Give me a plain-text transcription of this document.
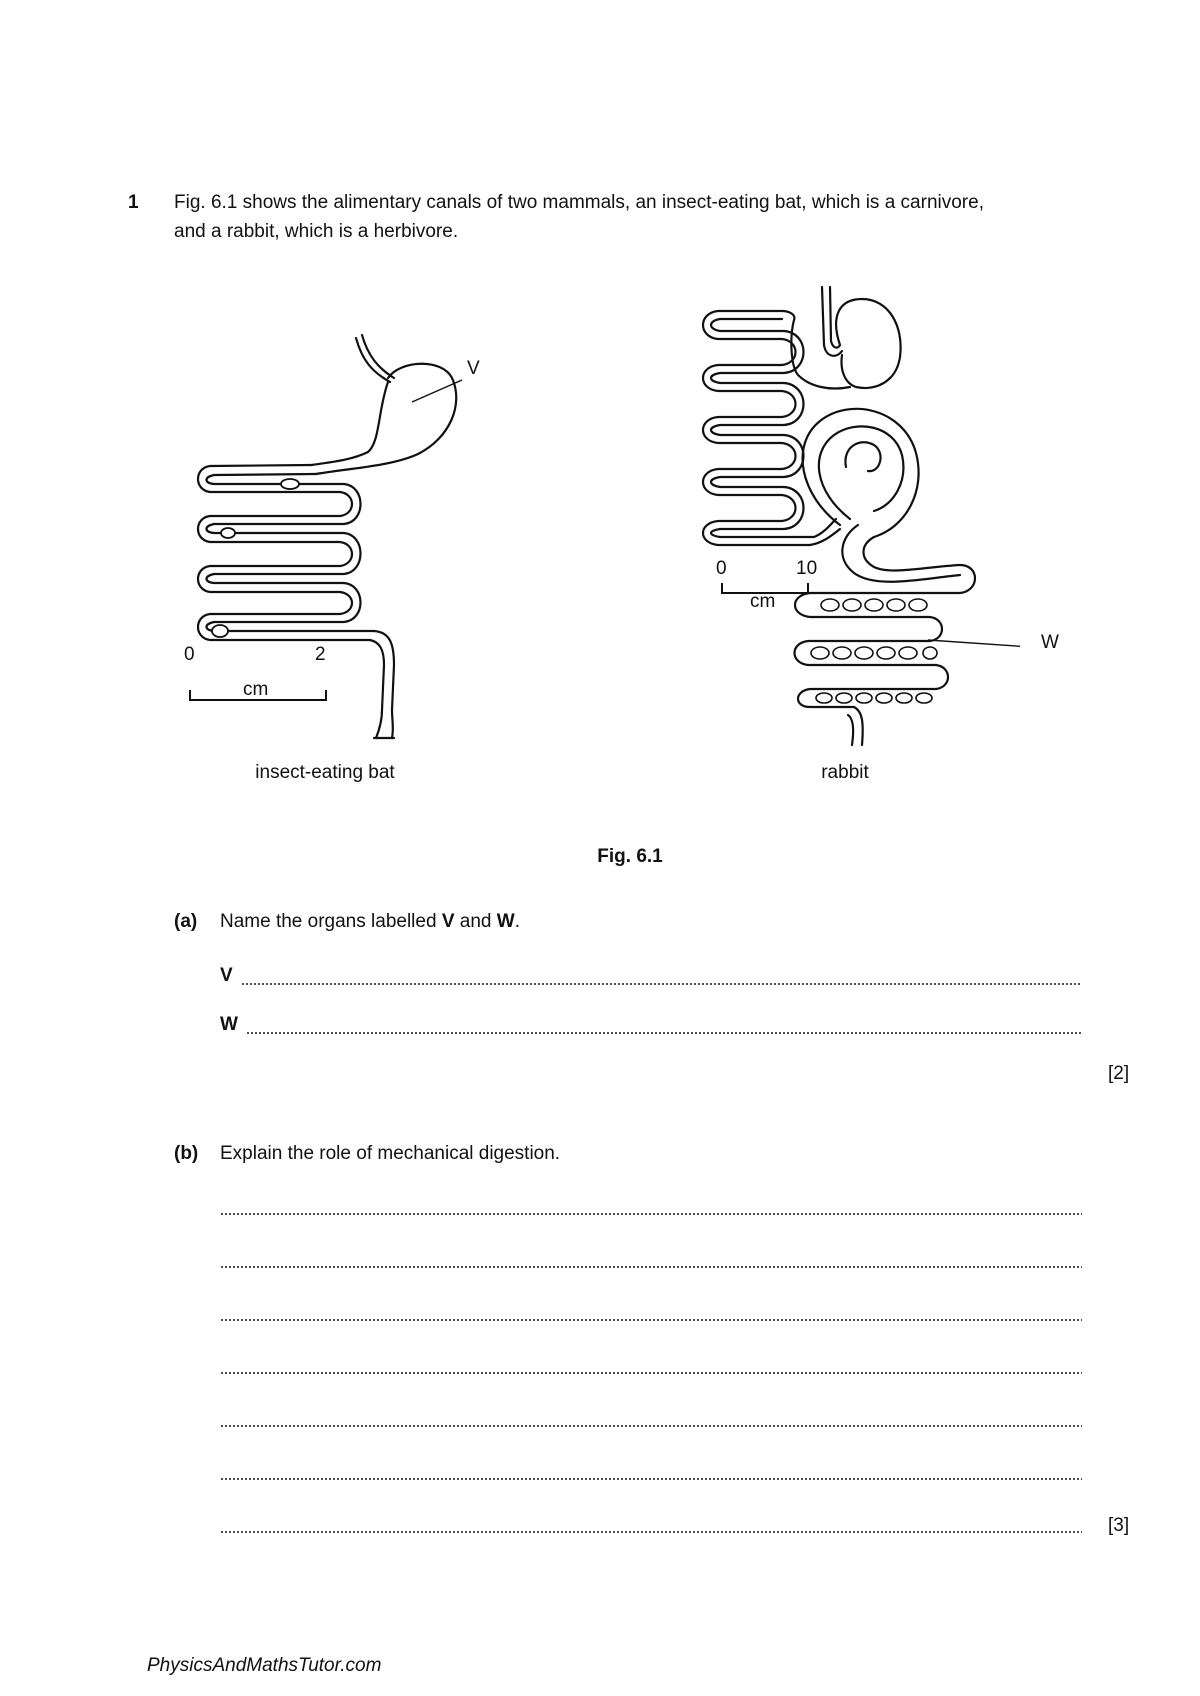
1 Fig. 6.1 shows the alimentary canals of two mammals, an insect-eating bat, which is a carnivore,
and a rabbit, which is a herbivore.
V
0	2
cm
insect-eating bat
W
0	10
cm
rabbit
Fig. 6.1
(a) Name the organs labelled V and W.
V
W
[2]
(b) Explain the role of mechanical digestion.
[3]
PhysicsAndMathsTutor.com
